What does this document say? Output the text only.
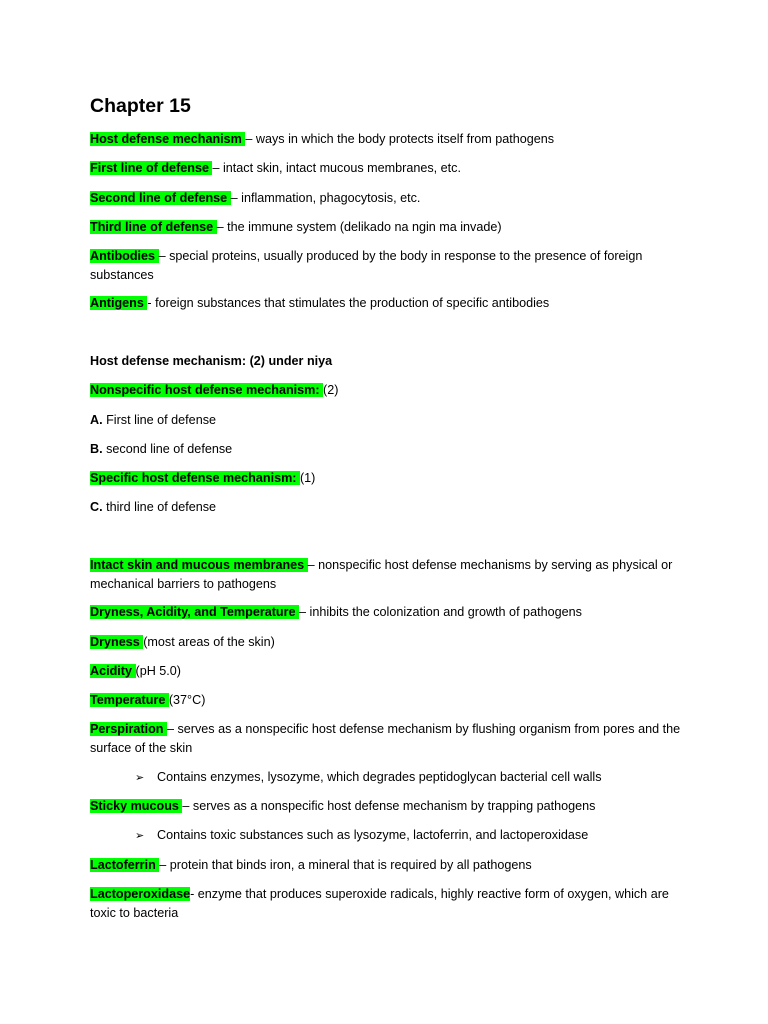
Chapter 15
Host defense mechanism – ways in which the body protects itself from pathogens
First line of defense – intact skin, intact mucous membranes, etc.
Second line of defense – inflammation, phagocytosis, etc.
Third line of defense – the immune system (delikado na ngin ma invade)
Antibodies – special proteins, usually produced by the body in response to the presence of foreign substances
Antigens - foreign substances that stimulates the production of specific antibodies
Host defense mechanism: (2) under niya
Nonspecific host defense mechanism: (2)
A. First line of defense
B. second line of defense
Specific host defense mechanism: (1)
C. third line of defense
Intact skin and mucous membranes – nonspecific host defense mechanisms by serving as physical or mechanical barriers to pathogens
Dryness, Acidity, and Temperature – inhibits the colonization and growth of pathogens
Dryness (most areas of the skin)
Acidity (pH 5.0)
Temperature (37°C)
Perspiration – serves as a nonspecific host defense mechanism by flushing organism from pores and the surface of the skin
➢ Contains enzymes, lysozyme, which degrades peptidoglycan bacterial cell walls
Sticky mucous – serves as a nonspecific host defense mechanism by trapping pathogens
➢ Contains toxic substances such as lysozyme, lactoferrin, and lactoperoxidase
Lactoferrin – protein that binds iron, a mineral that is required by all pathogens
Lactoperoxidase- enzyme that produces superoxide radicals, highly reactive form of oxygen, which are toxic to bacteria
